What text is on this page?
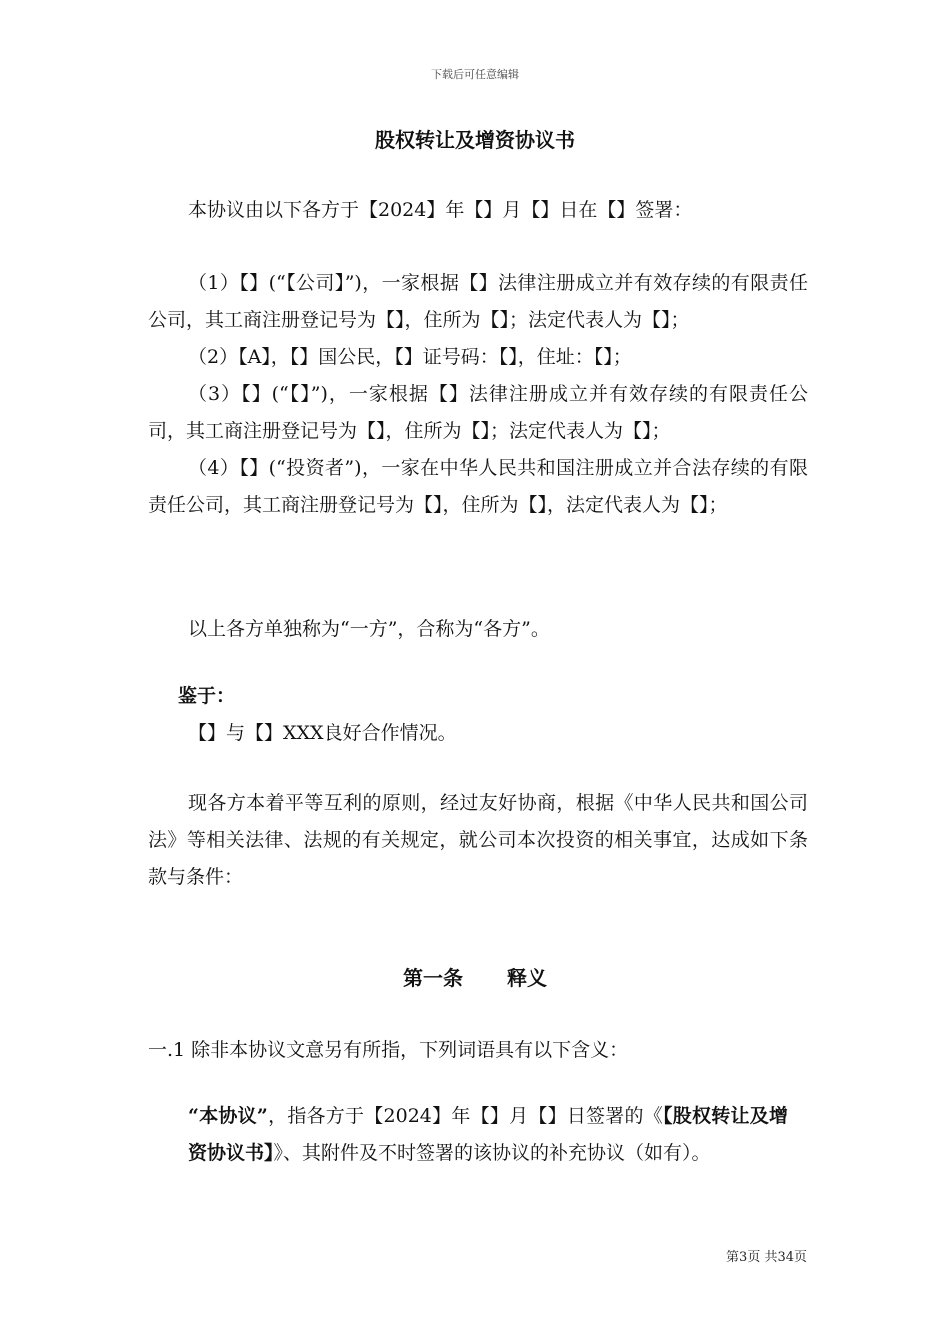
下载后可任意编辑
股权转让及增资协议书

本协议由以下各方于【2024】年【】月【】日在【】签署：

（1）【】(“【公司】”)，一家根据【】法律注册成立并有效存续的有限责任公司，其工商注册登记号为【】，住所为【】；法定代表人为【】；

（2）【A】，【】国公民，【】证号码：【】，住址：【】；

（3）【】(“【】”)，一家根据【】法律注册成立并有效存续的有限责任公司，其工商注册登记号为【】，住所为【】；法定代表人为【】；

（4）【】(“投资者”)，一家在中华人民共和国注册成立并合法存续的有限责任公司，其工商注册登记号为【】，住所为【】，法定代表人为【】；

以上各方单独称为“一方”，合称为“各方”。

鉴于：

【】与【】XXX良好合作情况。

现各方本着平等互利的原则，经过友好协商，根据《中华人民共和国公司法》等相关法律、法规的有关规定，就公司本次投资的相关事宜，达成如下条款与条件：

第一条 释义

一.1 除非本协议文意另有所指，下列词语具有以下含义：

“本协议”，指各方于【2024】年【】月【】日签署的《【股权转让及增资协议书】》、其附件及不时签署的该协议的补充协议（如有）。

第3页 共34页
